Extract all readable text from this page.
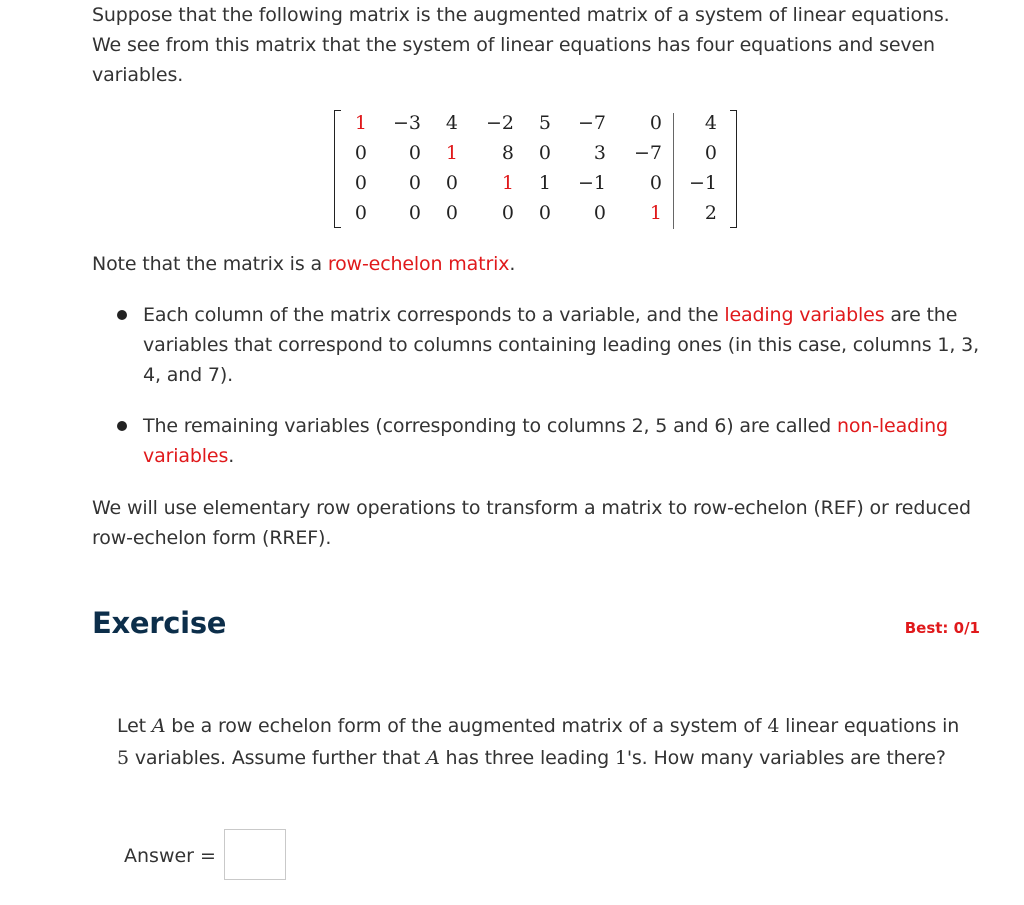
Suppose that the following matrix is the augmented matrix of a system of linear equations. We see from this matrix that the system of linear equations has four equations and seven variables.

1	−3	4	−2	5	−7	0	4
0	0	1	8	0	3	−7	0
0	0	0	1	1	−1	0	−1
0	0	0	0	0	0	1	2

Note that the matrix is a row-echelon matrix.

Each column of the matrix corresponds to a variable, and the leading variables are the variables that correspond to columns containing leading ones (in this case, columns 1, 3, 4, and 7).
The remaining variables (corresponding to columns 2, 5 and 6) are called non-leading variables.

We will use elementary row operations to transform a matrix to row-echelon (REF) or reduced row-echelon form (RREF).

Exercise	Best: 0/1
Let A be a row echelon form of the augmented matrix of a system of 4 linear equations in 5 variables. Assume further that A has three leading 1's. How many variables are there?
Answer =
